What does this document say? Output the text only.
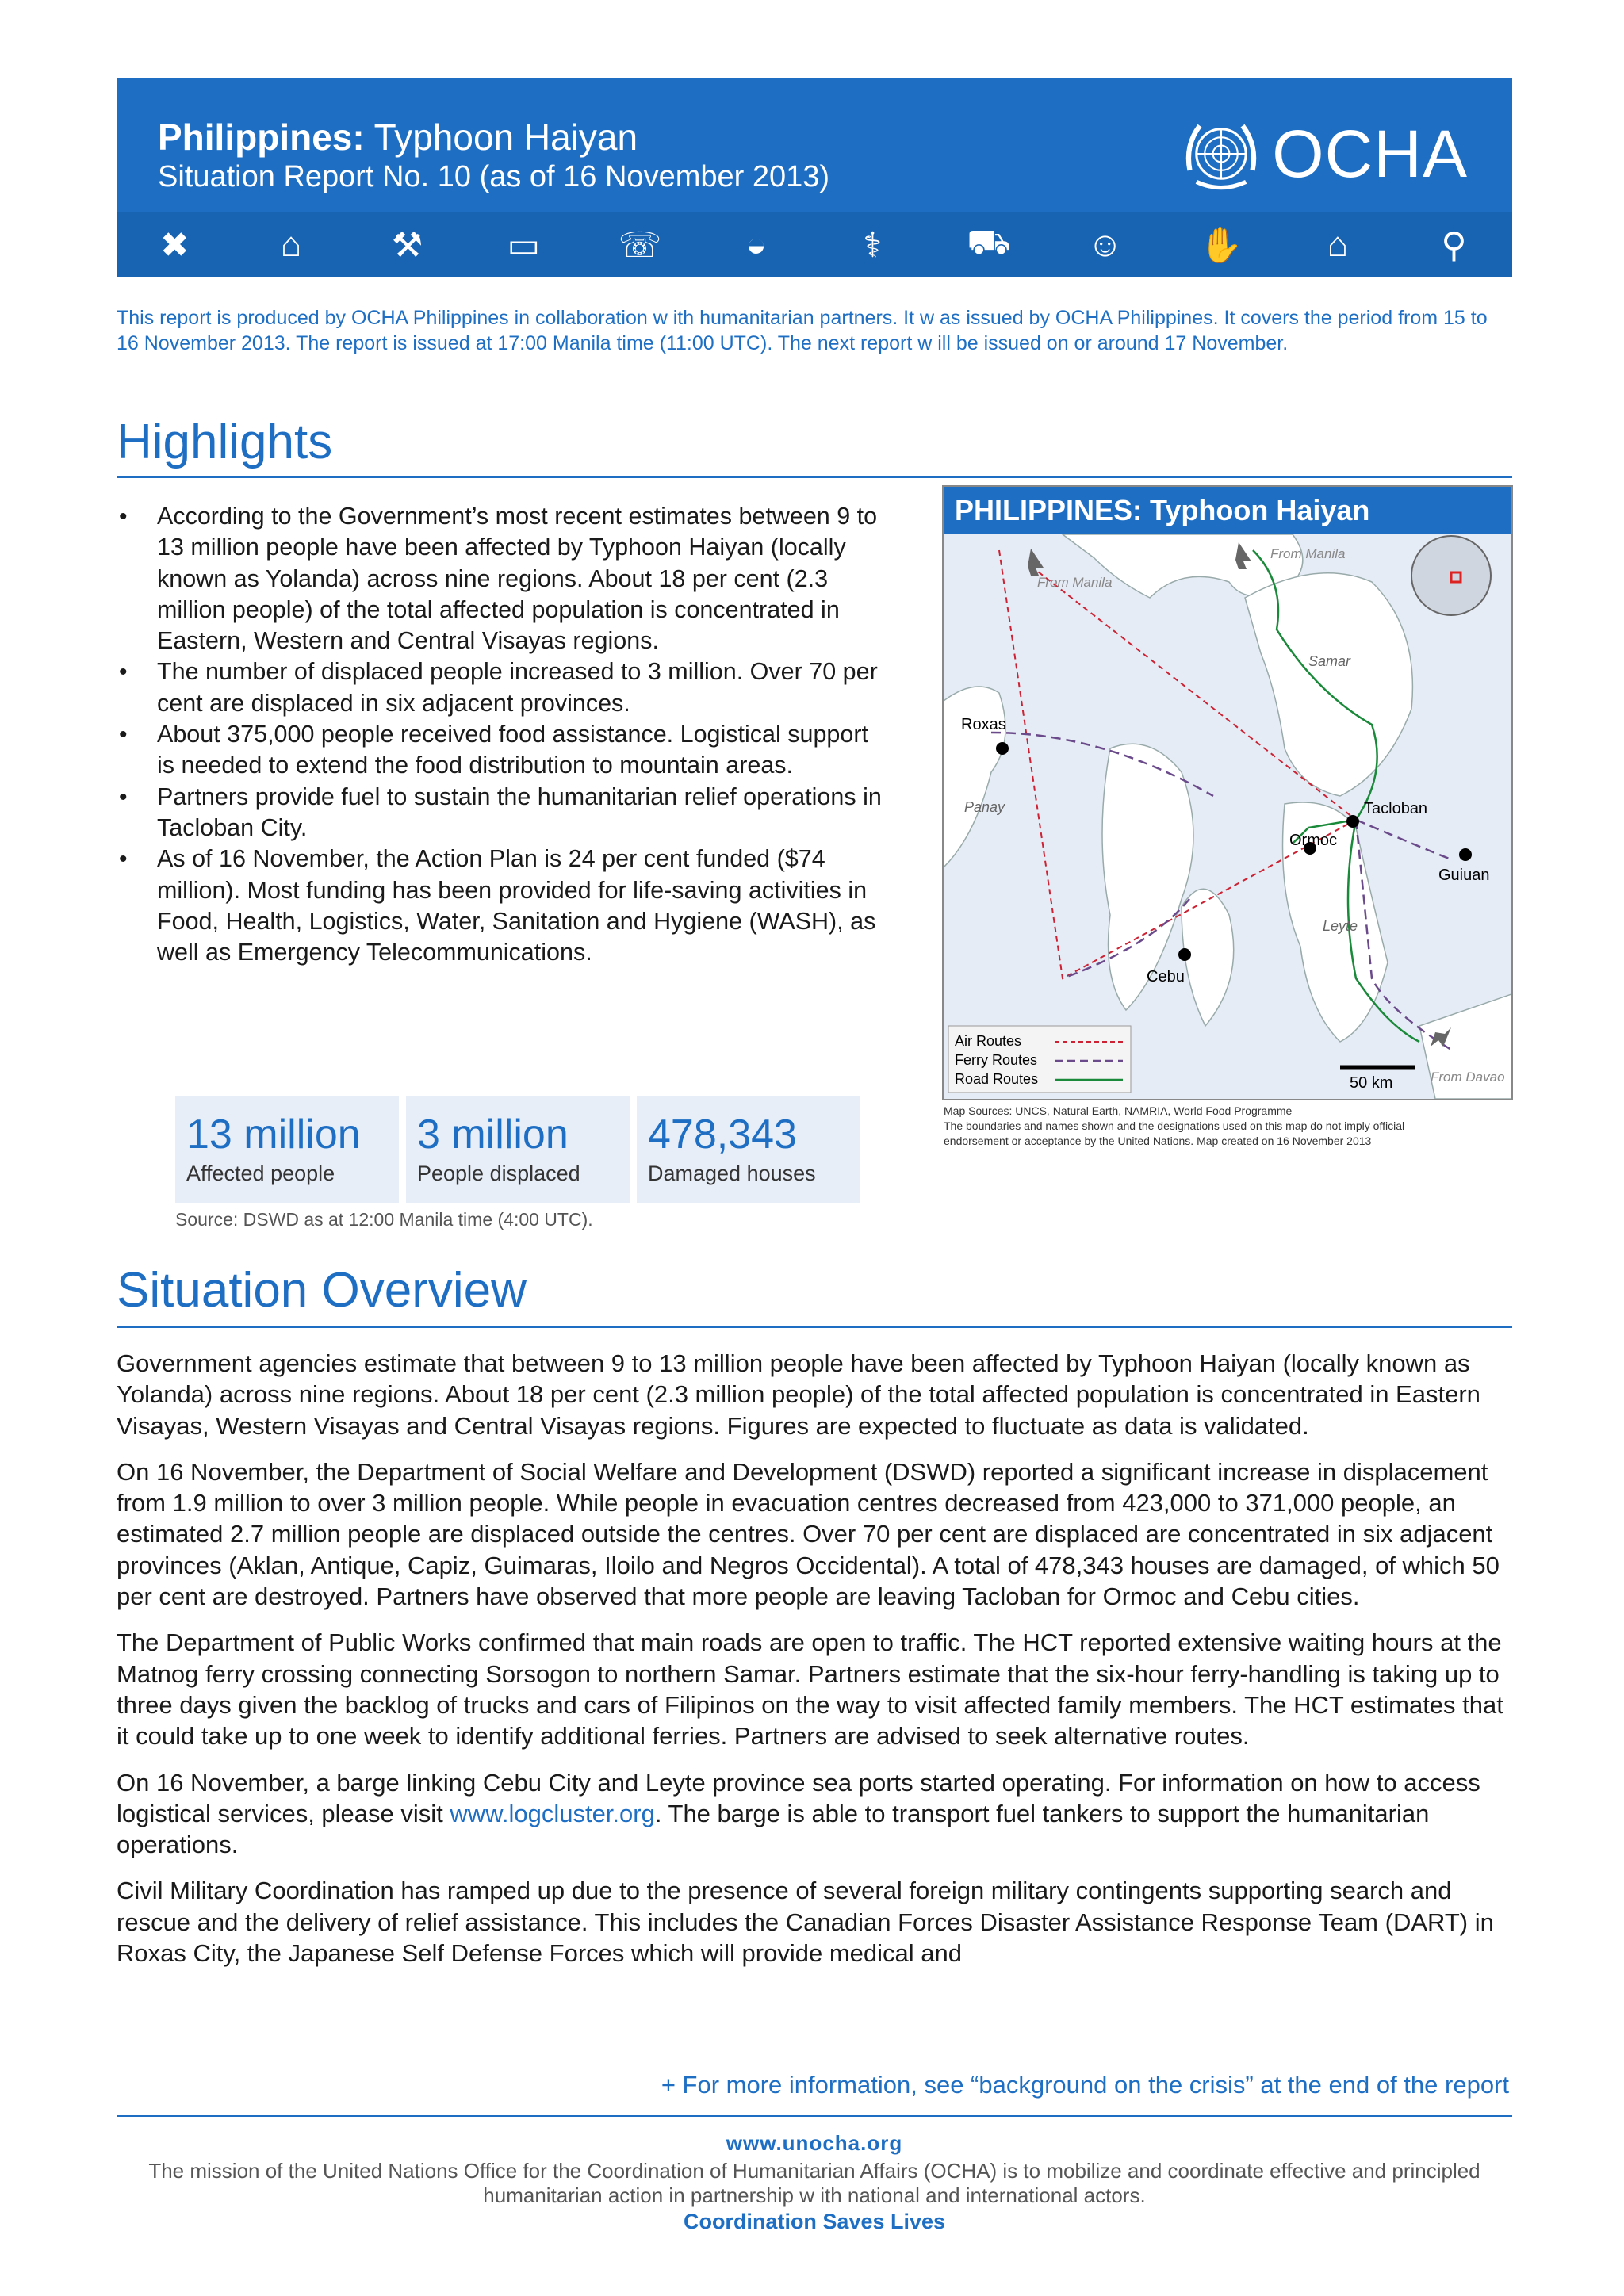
Philippines: Typhoon Haiyan
Situation Report No. 10 (as of 16 November 2013)	OCHA
✖	⌂	⚒ ▭ ☏	◒	⚕	⛟ ☺ ✋	⌂	⚲
This report is produced by OCHA Philippines in collaboration w ith humanitarian partners. It w as issued by OCHA Philippines. It covers the period from 15 to 16 November 2013. The report is issued at 17:00 Manila time (11:00 UTC). The next report w ill be issued on or around 17 November.
Highlights
• According to the Government’s most recent estimates between 9 to 13 million people have been affected by Typhoon Haiyan (locally known as Yolanda) across nine regions. About 18 per cent (2.3 million people) of the total affected population is concentrated in Eastern, Western and Central Visayas regions.
• The number of displaced people increased to 3 million. Over 70 per cent are displaced in six adjacent provinces.
• About 375,000 people received food assistance. Logistical support is needed to extend the food distribution to mountain areas.
• Partners provide fuel to sustain the humanitarian relief operations in Tacloban City.
• As of 16 November, the Action Plan is 24 per cent funded ($74 million). Most funding has been provided for life-saving activities in Food, Health, Logistics, Water, Sanitation and Hygiene (WASH), as well as Emergency Telecommunications.
13 million
Affected people
3 million
People displaced
478,343
Damaged houses
Source: DSWD as at 12:00 Manila time (4:00 UTC).
PHILIPPINES: Typhoon Haiyan
Roxas
Tacloban
Ormoc
Guiuan
Cebu
Panay
Samar
Leyte
From Manila
From Manila
From Davao
Air Routes
Ferry Routes
Road Routes	50 km
Map Sources: UNCS, Natural Earth, NAMRIA, World Food Programme
The boundaries and names shown and the designations used on this map do not imply official
endorsement or acceptance by the United Nations. Map created on 16 November 2013
Situation Overview

Government agencies estimate that between 9 to 13 million people have been affected by Typhoon Haiyan (locally known as Yolanda) across nine regions. About 18 per cent (2.3 million people) of the total affected population is concentrated in Eastern Visayas, Western Visayas and Central Visayas regions. Figures are expected to fluctuate as data is validated.

On 16 November, the Department of Social Welfare and Development (DSWD) reported a significant increase in displacement from 1.9 million to over 3 million people. While people in evacuation centres decreased from 423,000 to 371,000 people, an estimated 2.7 million people are displaced outside the centres. Over 70 per cent are displaced are concentrated in six adjacent provinces (Aklan, Antique, Capiz, Guimaras, Iloilo and Negros Occidental). A total of 478,343 houses are damaged, of which 50 per cent are destroyed. Partners have observed that more people are leaving Tacloban for Ormoc and Cebu cities.

The Department of Public Works confirmed that main roads are open to traffic. The HCT reported extensive waiting hours at the Matnog ferry crossing connecting Sorsogon to northern Samar. Partners estimate that the six-hour ferry-handling is taking up to three days given the backlog of trucks and cars of Filipinos on the way to visit affected family members. The HCT estimates that it could take up to one week to identify additional ferries. Partners are advised to seek alternative routes.

On 16 November, a barge linking Cebu City and Leyte province sea ports started operating. For information on how to access logistical services, please visit www.logcluster.org. The barge is able to transport fuel tankers to support the humanitarian operations.

Civil Military Coordination has ramped up due to the presence of several foreign military contingents supporting search and rescue and the delivery of relief assistance. This includes the Canadian Forces Disaster Assistance Response Team (DART) in Roxas City, the Japanese Self Defense Forces which will provide medical and

+ For more information, see “background on the crisis” at the end of the report
www.unocha.org
The mission of the United Nations Office for the Coordination of Humanitarian Affairs (OCHA) is to mobilize and coordinate effective and principled humanitarian action in partnership w ith national and international actors.
Coordination Saves Lives
